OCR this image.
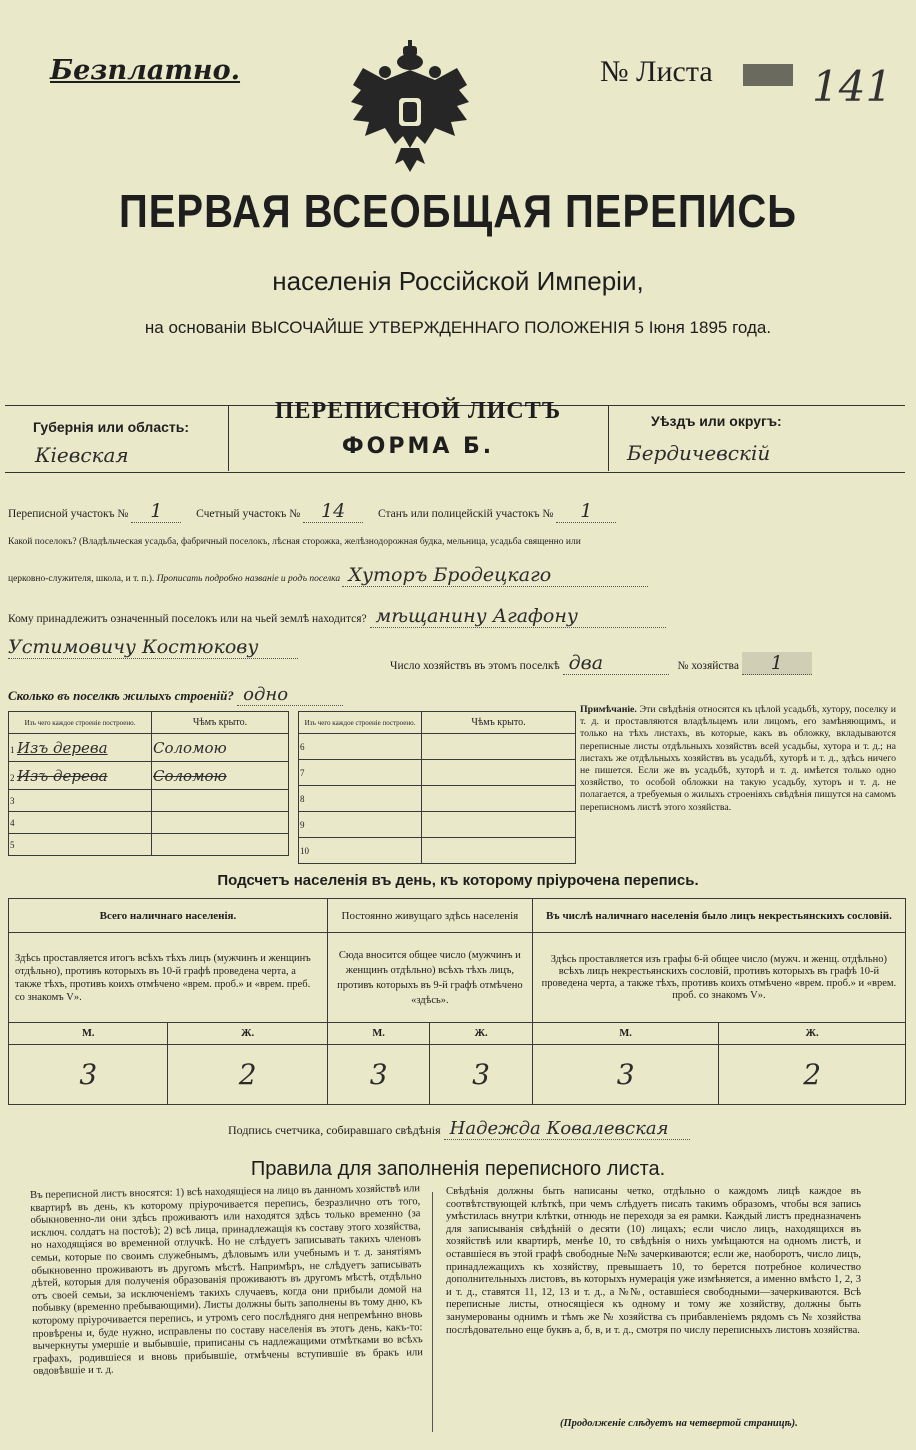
Безплатно.	№ Листа 141
ПЕРВАЯ ВСЕОБЩАЯ ПЕРЕПИСЬ
населенія Россійской Имперіи,
на основаніи ВЫСОЧАЙШЕ УТВЕРЖДЕННАГО ПОЛОЖЕНІЯ 5 Іюня 1895 года.
Губернія или область:
Кіевская
ПЕРЕПИСНОЙ ЛИСТЪ
ФОРМА Б.
Уѣздъ или округъ:
Бердичевскій
Переписной участокъ № 1	Счетный участокъ № 14	Станъ или полицейскій участокъ № 1
Какой поселокъ? (Владѣльческая усадьба, фабричный поселокъ, лѣсная сторожка, желѣзнодорожная будка, мельница, усадьба священно или
церковно-служителя, школа, и т. п.). Прописать подробно названіе и родъ поселка Хуторъ Бродецкаго
Кому принадлежитъ означенный поселокъ или на чьей землѣ находится? мѣщанину Агафону
Устимовичу Костюкову
Число хозяйствъ въ этомъ поселкѣ два	№ хозяйства 1
Сколько въ поселкѣ жилыхъ строеній? одно
Изъ чего каждое строеніе построено.	Чѣмъ крыто.
1 Изъ дерева	Соломою
2 Изъ дерева	Соломою
3	
4	
5	
Изъ чего каждое строеніе построено.	Чѣмъ крыто.
6	
7	
8	
9	
10	
Примѣчаніе. Эти свѣдѣнія относятся къ цѣлой усадьбѣ, хутору, поселку и т. д. и проставляются владѣльцемъ или лицомъ, его замѣняющимъ, и только на тѣхъ листахъ, въ которые, какъ въ обложку, вкладываются переписные листы отдѣльныхъ хозяйствъ всей усадьбы, хутора и т. д.; на листахъ же отдѣльныхъ хозяйствъ въ усадьбѣ, хуторѣ и т. д., здѣсь ничего не пишется. Если же въ усадьбѣ, хуторѣ и т. д. имѣется только одно хозяйство, то особой обложки на такую усадьбу, хуторъ и т. д. не полагается, а требуемыя о жилыхъ строеніяхъ свѣдѣнія пишутся на самомъ переписномъ листѣ этого хозяйства.
Подсчетъ населенія въ день, къ которому пріурочена перепись.
Всего наличнаго населенія.		Постоянно живущаго здѣсь населенія		Въ числѣ наличнаго населенія было лицъ некрестьянскихъ сословій.	
Здѣсь проставляется итогъ всѣхъ тѣхъ лицъ (мужчинъ и женщинъ отдѣльно), противъ которыхъ въ 10-й графѣ проведена черта, а также тѣхъ, противъ коихъ отмѣчено «врем. проб.» и «врем. преб. со знакомъ V».		Сюда вносится общее число (мужчинъ и женщинъ отдѣльно) всѣхъ тѣхъ лицъ, противъ которыхъ въ 9-й графѣ отмѣчено «здѣсь».		Здѣсь проставляется изъ графы 6-й общее число (мужч. и женщ. отдѣльно) всѣхъ лицъ некрестьянскихъ сословій, противъ которыхъ въ графѣ 10-й проведена черта, а также тѣхъ, противъ коихъ отмѣчено «врем. проб.» и «врем. проб. со знакомъ V».	
М.	Ж.	М.	Ж.	М.	Ж.
3	2	3	3	3	2
Подпись счетчика, собиравшаго свѣдѣнія Надежда Ковалевская
Правила для заполненія переписного листа.
Въ переписной листъ вносятся: 1) всѣ находящіеся на лицо въ данномъ хозяйствѣ или квартирѣ въ день, къ которому пріурочивается перепись, безразлично отъ того, обыкновенно-ли они здѣсь проживаютъ или находятся здѣсь только временно (за исключ. солдатъ на постоѣ); 2) всѣ лица, принадлежащія къ составу этого хозяйства, но находящіяся во временной отлучкѣ. Но не слѣдуетъ записывать такихъ членовъ семьи, которые по своимъ служебнымъ, дѣловымъ или учебнымъ и т. д. занятіямъ обыкновенно проживаютъ въ другомъ мѣстѣ. Напримѣръ, не слѣдуетъ записывать дѣтей, которыя для полученія образованія проживаютъ въ другомъ мѣстѣ, отдѣльно отъ своей семьи, за исключеніемъ такихъ случаевъ, когда они прибыли домой на побывку (временно пребывающими). Листы должны быть заполнены въ тому дню, къ которому пріурочивается перепись, и утромъ сего послѣдняго дня непремѣнно вновь провѣрены и, буде нужно, исправлены по составу населенія въ этотъ день, какъ-то: вычеркнуты умершіе и выбывшіе, приписаны съ надлежащими отмѣтками во всѣхъ графахъ, родившіеся и вновь прибывшіе, отмѣчены вступившіе въ бракъ или овдовѣвшіе и т. д.
Свѣдѣнія должны быть написаны четко, отдѣльно о каждомъ лицѣ каждое въ соотвѣтствующей клѣткѣ, при чемъ слѣдуетъ писать такимъ образомъ, чтобы вся запись умѣстилась внутри клѣтки, отнюдь не переходя за ея рамки. Каждый листъ предназначенъ для записыванія свѣдѣній о десяти (10) лицахъ; если число лицъ, находящихся въ хозяйствѣ или квартирѣ, менѣе 10, то свѣдѣнія о нихъ умѣщаются на одномъ листѣ, и оставшіеся въ этой графѣ свободные №№ зачеркиваются; если же, наоборотъ, число лицъ, принадлежащихъ къ хозяйству, превышаетъ 10, то берется потребное количество дополнительныхъ листовъ, въ которыхъ нумерація уже измѣняется, а именно вмѣсто 1, 2, 3 и т. д., ставятся 11, 12, 13 и т. д., а №№, оставшіеся свободными—зачеркиваются. Всѣ переписные листы, относящіеся къ одному и тому же хозяйству, должны быть занумерованы однимъ и тѣмъ же № хозяйства съ прибавленіемъ рядомъ съ № хозяйства послѣдовательно еще буквъ а, б, в, и т. д., смотря по числу переписныхъ листовъ хозяйства.
(Продолженіе слѣдуетъ на четвертой страницѣ).
